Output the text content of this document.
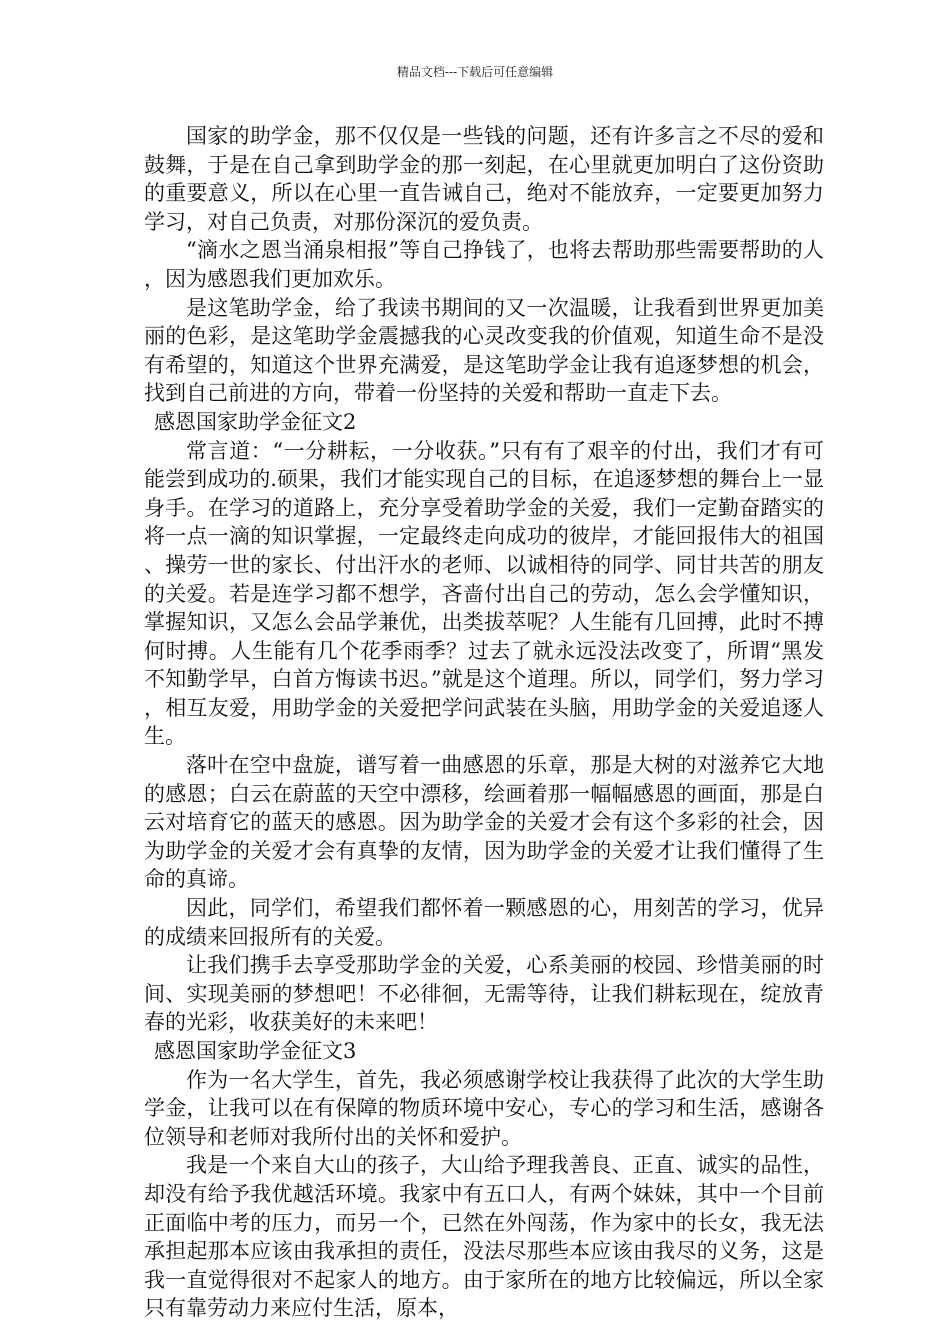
精品文档---下载后可任意编辑

国家的助学金，那不仅仅是一些钱的问题，还有许多言之不尽的爱和鼓舞，于是在自己拿到助学金的那一刻起，在心里就更加明白了这份资助的重要意义，所以在心里一直告诫自己，绝对不能放弃，一定要更加努力学习，对自己负责，对那份深沉的爱负责。

“滴水之恩当涌泉相报”等自己挣钱了，也将去帮助那些需要帮助的人，因为感恩我们更加欢乐。

是这笔助学金，给了我读书期间的又一次温暖，让我看到世界更加美丽的色彩，是这笔助学金震撼我的心灵改变我的价值观，知道生命不是没有希望的，知道这个世界充满爱，是这笔助学金让我有追逐梦想的机会，找到自己前进的方向，带着一份坚持的关爱和帮助一直走下去。

感恩国家助学金征文2

常言道：“一分耕耘，一分收获。”只有有了艰辛的付出，我们才有可能尝到成功的.硕果，我们才能实现自己的目标，在追逐梦想的舞台上一显身手。在学习的道路上，充分享受着助学金的关爱，我们一定勤奋踏实的将一点一滴的知识掌握，一定最终走向成功的彼岸，才能回报伟大的祖国、操劳一世的家长、付出汗水的老师、以诚相待的同学、同甘共苦的朋友的关爱。若是连学习都不想学，吝啬付出自己的劳动，怎么会学懂知识，掌握知识，又怎么会品学兼优，出类拔萃呢？人生能有几回搏，此时不搏何时搏。人生能有几个花季雨季？过去了就永远没法改变了，所谓“黑发不知勤学早，白首方悔读书迟。”就是这个道理。所以，同学们，努力学习，相互友爱，用助学金的关爱把学问武装在头脑，用助学金的关爱追逐人生。

落叶在空中盘旋，谱写着一曲感恩的乐章，那是大树的对滋养它大地的感恩；白云在蔚蓝的天空中漂移，绘画着那一幅幅感恩的画面，那是白云对培育它的蓝天的感恩。因为助学金的关爱才会有这个多彩的社会，因为助学金的关爱才会有真挚的友情，因为助学金的关爱才让我们懂得了生命的真谛。

因此，同学们，希望我们都怀着一颗感恩的心，用刻苦的学习，优异的成绩来回报所有的关爱。

让我们携手去享受那助学金的关爱，心系美丽的校园、珍惜美丽的时间、实现美丽的梦想吧！不必徘徊，无需等待，让我们耕耘现在，绽放青春的光彩，收获美好的未来吧！

感恩国家助学金征文3

作为一名大学生，首先，我必须感谢学校让我获得了此次的大学生助学金，让我可以在有保障的物质环境中安心，专心的学习和生活，感谢各位领导和老师对我所付出的关怀和爱护。

我是一个来自大山的孩子，大山给予理我善良、正直、诚实的品性，却没有给予我优越活环境。我家中有五口人，有两个妹妹，其中一个目前正面临中考的压力，而另一个，已然在外闯荡，作为家中的长女，我无法承担起那本应该由我承担的责任，没法尽那些本应该由我尽的义务，这是我一直觉得很对不起家人的地方。由于家所在的地方比较偏远，所以全家只有靠劳动力来应付生活，原本，
